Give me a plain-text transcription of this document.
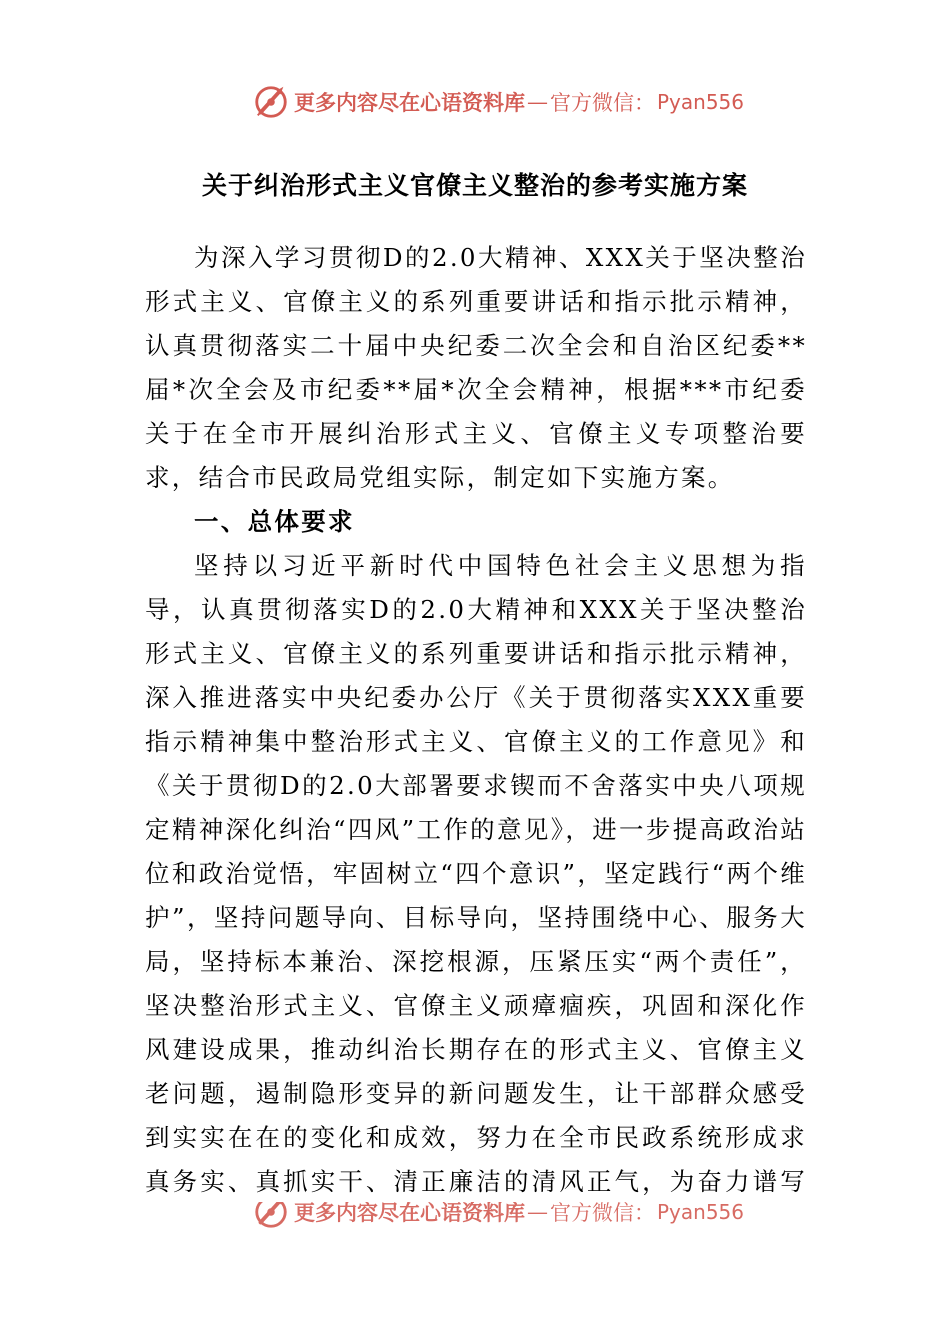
更多内容尽在心语资料库 — 官方微信： Pyan556
关于纠治形式主义官僚主义整治的参考实施方案

为深入学习贯彻D的2.0大精神、XXX关于坚决整治形式主义、官僚主义的系列重要讲话和指示批示精神，认真贯彻落实二十届中央纪委二次全会和自治区纪委**届*次全会及市纪委**届*次全会精神，根据***市纪委关于在全市开展纠治形式主义、官僚主义专项整治要求，结合市民政局党组实际，制定如下实施方案。

一、总体要求

坚持以习近平新时代中国特色社会主义思想为指导，认真贯彻落实D的2.0大精神和XXX关于坚决整治形式主义、官僚主义的系列重要讲话和指示批示精神，深入推进落实中央纪委办公厅《关于贯彻落实XXX重要指示精神集中整治形式主义、官僚主义的工作意见》和《关于贯彻D的2.0大部署要求锲而不舍落实中央八项规定精神深化纠治“四风”工作的意见》，进一步提高政治站位和政治觉悟，牢固树立“四个意识”，坚定践行“两个维护”，坚持问题导向、目标导向，坚持围绕中心、服务大局，坚持标本兼治、深挖根源，压紧压实“两个责任”，坚决整治形式主义、官僚主义顽瘴痼疾，巩固和深化作风建设成果，推动纠治长期存在的形式主义、官僚主义老问题，遏制隐形变异的新问题发生，让干部群众感受到实实在在的变化和成效，努力在全市民政系统形成求真务实、真抓实干、清正廉洁的清风正气，为奋力谱写

更多内容尽在心语资料库 — 官方微信： Pyan556
